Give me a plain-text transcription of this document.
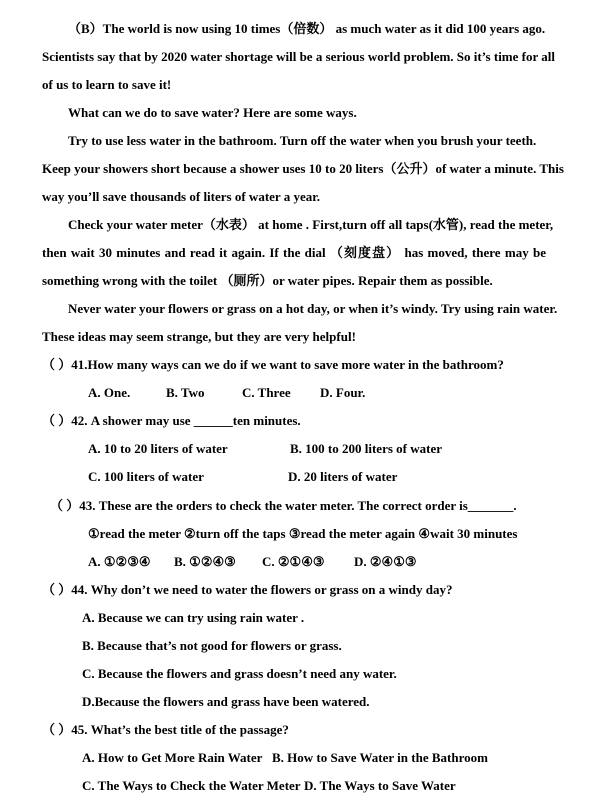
（B）The world is now using 10 times（倍数） as much water as it did 100 years ago.
Scientists say that by 2020 water shortage will be a serious world problem. So it’s time for all
of us to learn to save it!
What can we do to save water? Here are some ways.
Try to use less water in the bathroom. Turn off the water when you brush your teeth.
Keep your showers short because a shower uses 10 to 20 liters（公升）of water a minute. This
way you’ll save thousands of liters of water a year.
Check your water meter（水表） at home . First,turn off all taps(水管), read the meter,
then wait 30 minutes and read it again. If the dial （刻度盘） has moved, there may be
something wrong with the toilet （厕所）or water pipes. Repair them as possible.
Never water your flowers or grass on a hot day, or when it’s windy. Try using rain water.
These ideas may seem strange, but they are very helpful!
（ ）41.How many ways can we do if we want to save more water in the bathroom?
A. One.	B. Two	C. Three D. Four.
（ ）42. A shower may use ______ten minutes.
A. 10 to 20 liters of water	B. 100 to 200 liters of water
C. 100 liters of water	D. 20 liters of water
（ ）43. These are the orders to check the water meter. The correct order is_______.
①read the meter ②turn off the taps ③read the meter again ④wait 30 minutes
A. ①②③④ B. ①②④③ C. ②①④③ D. ②④①③
（ ）44. Why don’t we need to water the flowers or grass on a windy day?
A. Because we can try using rain water .
B. Because that’s not good for flowers or grass.
C. Because the flowers and grass doesn’t need any water.
D.Because the flowers and grass have been watered.
（ ）45. What’s the best title of the passage?
A. How to Get More Rain Water B. How to Save Water in the Bathroom
C. The Ways to Check the Water Meter D. The Ways to Save Water
